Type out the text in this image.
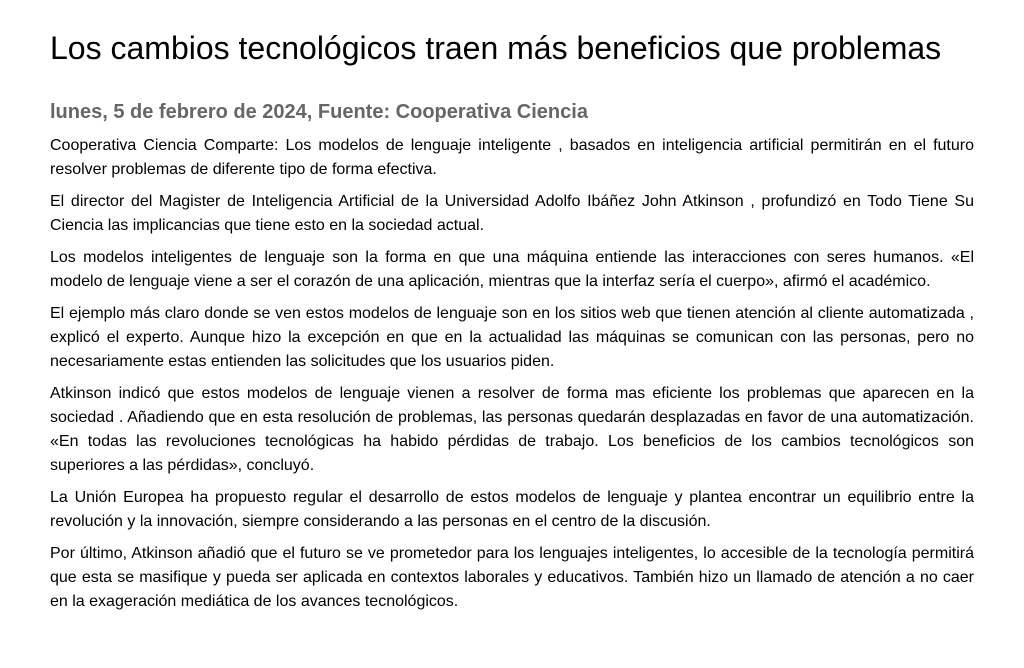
Los cambios tecnológicos traen más beneficios que problemas
lunes, 5 de febrero de 2024, Fuente: Cooperativa Ciencia

Cooperativa Ciencia Comparte: Los modelos de lenguaje inteligente , basados en inteligencia artificial permitirán en el futuro resolver problemas de diferente tipo de forma efectiva.

El director del Magister de Inteligencia Artificial de la Universidad Adolfo Ibáñez John Atkinson , profundizó en Todo Tiene Su Ciencia las implicancias que tiene esto en la sociedad actual.

Los modelos inteligentes de lenguaje son la forma en que una máquina entiende las interacciones con seres humanos. «El modelo de lenguaje viene a ser el corazón de una aplicación, mientras que la interfaz sería el cuerpo», afirmó el académico.

El ejemplo más claro donde se ven estos modelos de lenguaje son en los sitios web que tienen atención al cliente automatizada , explicó el experto. Aunque hizo la excepción en que en la actualidad las máquinas se comunican con las personas, pero no necesariamente estas entienden las solicitudes que los usuarios piden.

Atkinson indicó que estos modelos de lenguaje vienen a resolver de forma mas eficiente los problemas que aparecen en la sociedad . Añadiendo que en esta resolución de problemas, las personas quedarán desplazadas en favor de una automatización. «En todas las revoluciones tecnológicas ha habido pérdidas de trabajo. Los beneficios de los cambios tecnológicos son superiores a las pérdidas», concluyó.

La Unión Europea ha propuesto regular el desarrollo de estos modelos de lenguaje y plantea encontrar un equilibrio entre la revolución y la innovación, siempre considerando a las personas en el centro de la discusión.

Por último, Atkinson añadió que el futuro se ve prometedor para los lenguajes inteligentes, lo accesible de la tecnología permitirá que esta se masifique y pueda ser aplicada en contextos laborales y educativos. También hizo un llamado de atención a no caer en la exageración mediática de los avances tecnológicos.
